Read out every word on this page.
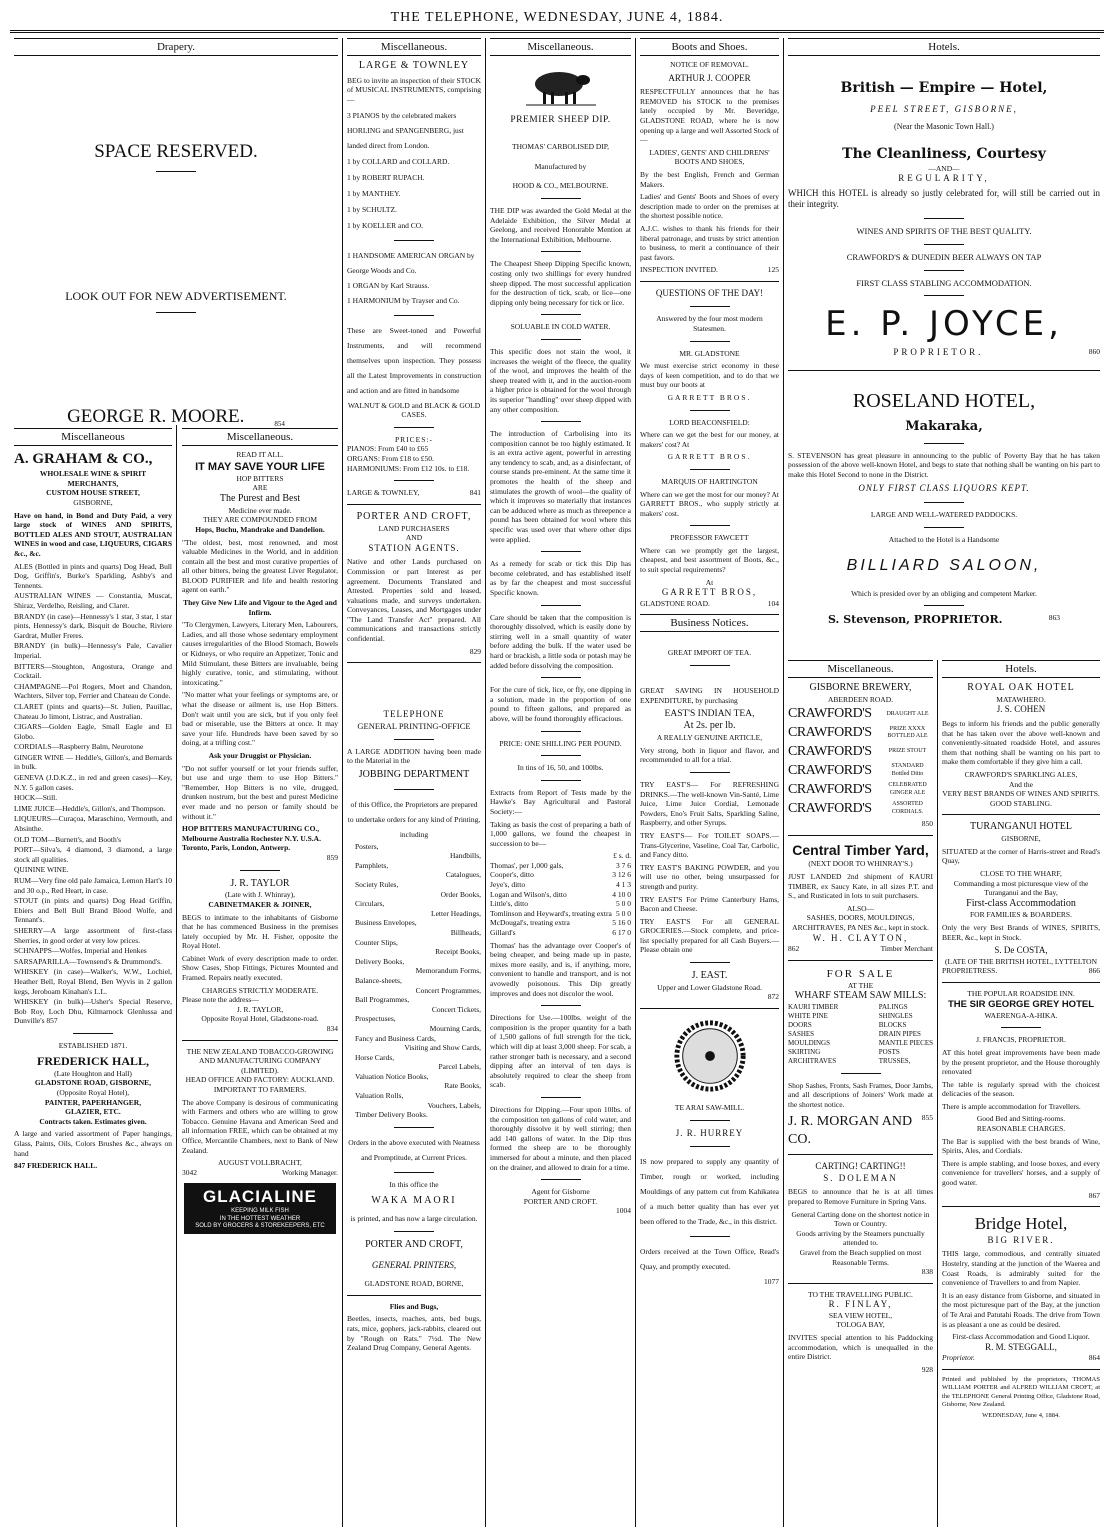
THE TELEPHONE, WEDNESDAY, JUNE 4, 1884.
Drapery.
SPACE RESERVED.
LOOK OUT FOR NEW ADVERTISEMENT.
GEORGE R. MOORE.	854
Miscellaneous
A. GRAHAM & CO.,
WHOLESALE WINE & SPIRIT
MERCHANTS,
CUSTOM HOUSE STREET,
GISBORNE,
Have on hand, in Bond and Duty Paid, a very large stock of WINES AND SPIRITS, BOTTLED ALES AND STOUT, AUSTRALIAN WINES in wood and case, LIQUEURS, CIGARS &c., &c.
ALES (Bottled in pints and quarts) Dog Head, Bull Dog, Griffin's, Burke's Sparkling, Ashby's and Tennents.
AUSTRALIAN WINES — Constantia, Muscat, Shiraz, Verdelho, Reisling, and Claret.
BRANDY (in case)—Hennessy's 1 star, 3 star, 1 star pints, Hennessy's dark, Bisquit de Bouche, Riviere Gardrat, Muller Freres.
BRANDY (in bulk)—Hennessy's Pale, Cavalier Imperial.
BITTERS—Stoughton, Angostura, Orange and Cocktail.
CHAMPAGNE—Pol Rogers, Moet and Chandon, Wachters, Silver top, Ferrier and Chateau de Conde.
CLARET (pints and quarts)—St. Julien, Pauillac, Chateau Jo limont, Listrac, and Australian.
CIGARS—Golden Eagle, Small Eagle and El Globo.
CORDIALS—Raspberry Balm, Neurotone
GINGER WINE — Heddle's, Gillon's, and Bernards in bulk.
GENEVA (J.D.K.Z., in red and green cases)—Key, N.Y. 5 gallon cases.
HOCK—Still.
LIME JUICE—Heddle's, Gillon's, and Thompson.
LIQUEURS—Curaçoa, Maraschino, Vermouth, and Absinthe.
OLD TOM—Burnett's, and Booth's
PORT—Silva's, 4 diamond, 3 diamond, a large stock all qualities.
QUININE WINE.
RUM—Very fine old pale Jamaica, Lemon Hart's 10 and 30 o.p., Red Heart, in case.
STOUT (in pints and quarts) Dog Head Griffin, Ebiers and Bell Bull Brand Blood Wolfe, and Tennant's.
SHERRY—A large assortment of first-class Sherries, in good order at very low prices.
SCHNAPPS—Wolfes, Imperial and Henkes
SARSAPARILLA—Townsend's & Drummond's.
WHISKEY (in case)—Walker's, W.W., Lochiel, Heather Bell, Royal Blend, Ben Wyvis in 2 gallon kegs, Jeroboam Kinahan's L.L.
WHISKEY (in bulk)—Usher's Special Reserve, Bob Roy, Loch Dhu, Kilmarnock Glenlussa and Dunville's 857
ESTABLISHED 1871.
FREDERICK HALL,
(Late Houghton and Hall)
GLADSTONE ROAD, GISBORNE,
(Opposite Royal Hotel),
PAINTER, PAPERHANGER,
GLAZIER, ETC.
Contracts taken. Estimates given.
A large and varied assortment of Paper hangings, Glass, Paints, Oils, Colors Brushes &c., always on hand
847 FREDERICK HALL.
Miscellaneous.
READ IT ALL.
IT MAY SAVE YOUR LIFE
HOP BITTERS
ARE
The Purest and Best
Medicine ever made.
THEY ARE COMPOUNDED FROM
Hops, Buchu, Mandrake and Dandelion.
"The oldest, best, most renowned, and most valuable Medicines in the World, and in addition contain all the best and most curative properties of all other bitters, being the greatest Liver Regulator, BLOOD PURIFIER and life and health restoring agent on earth."
They Give New Life and Vigour to the Aged and Infirm.
"To Clergymen, Lawyers, Literary Men, Labourers, Ladies, and all those whose sedentary employment causes irregularities of the Blood Stomach, Bowels or Kidneys, or who require an Appetizer, Tonic and Mild Stimulant, these Bitters are invaluable, being highly curative, tonic, and stimulating, without intoxicating."
"No matter what your feelings or symptoms are, or what the disease or ailment is, use Hop Bitters. Don't wait until you are sick, but if you only feel bad or miserable, use the Bitters at once. It may save your life. Hundreds have been saved by so doing, at a trifling cost."
Ask your Druggist or Physician.
"Do not suffer yourself or let your friends suffer, but use and urge them to use Hop Bitters." "Remember, Hop Bitters is no vile, drugged, drunken nostrum, but the best and purest Medicine ever made and no person or family should be without it."
HOP BITTERS MANUFACTURING CO., Melbourne Australia Rochester N.Y. U.S.A. Toronto, Paris, London, Antwerp.
859
J. R. TAYLOR
(Late with J. Whinray),
CABINETMAKER & JOINER,
BEGS to intimate to the inhabitants of Gisborne that he has commenced Business in the premises lately occupied by Mr. H. Fisher, opposite the Royal Hotel.
Cabinet Work of every description made to order. Show Cases, Shop Fittings, Pictures Mounted and Framed. Repairs neatly executed.
CHARGES STRICTLY MODERATE.
Please note the address—
J. R. TAYLOR,
Opposite Royal Hotel, Gladstone-road.
834
THE NEW ZEALAND TOBACCO-GROWING AND MANUFACTURING COMPANY (LIMITED).
HEAD OFFICE AND FACTORY: AUCKLAND.
IMPORTANT TO FARMERS.
The above Company is desirous of communicating with Farmers and others who are willing to grow Tobacco. Genuine Havana and American Seed and all information FREE, which can be obtained at my Office, Mercantile Chambers, next to Bank of New Zealand.
AUGUST VOLLBRACHT,
3042	Working Manager.
GLACIALINE
KEEPING MILK FISH
IN THE HOTTEST WEATHER
SOLD BY GROCERS & STOREKEEPERS, ETC
Miscellaneous.
LARGE & TOWNLEY
BEG to invite an inspection of their STOCK of MUSICAL INSTRUMENTS, comprising—
3 PIANOS by the celebrated makers HORLING and SPANGENBERG, just landed direct from London.
1 by COLLARD and COLLARD.
1 by ROBERT RUPACH.
1 by MANTHEY.
1 by SCHULTZ.
1 by KOELLER and CO.
1 HANDSOME AMERICAN ORGAN by George Woods and Co.
1 ORGAN by Karl Strauss.
1 HARMONIUM by Trayser and Co.
These are Sweet-toned and Powerful Instruments, and will recommend themselves upon inspection. They possess all the Latest Improvements in construction and action and are fitted in handsome
WALNUT & GOLD and BLACK & GOLD CASES.
PRICES:-
PIANOS: From £40 to £65
ORGANS: From £18 to £50.
HARMONIUMS: From £12 10s. to £18.
LARGE & TOWNLEY,	841
PORTER AND CROFT,
LAND PURCHASERS
AND
STATION AGENTS.
Native and other Lands purchased on Commission or part Interest as per agreement. Documents Translated and Attested. Properties sold and leased, valuations made, and surveys undertaken. Conveyances, Leases, and Mortgages under "The Land Transfer Act" prepared. All communications and transactions strictly confidential.
829
TELEPHONE
GENERAL PRINTING-OFFICE
A LARGE ADDITION having been made to the Material in the
JOBBING DEPARTMENT
of this Office, the Proprietors are prepared to undertake orders for any kind of Printing, including
Posters,
Handbills,
Pamphlets,
Catalogues,
Society Rules,
Order Books,
Circulars,
Letter Headings,
Business Envelopes,
Billheads,
Counter Slips,
Receipt Books,
Delivery Books,
Memorandum Forms,
Balance-sheets,
Concert Programmes,
Ball Programmes,
Concert Tickets,
Prospectuses,
Mourning Cards,
Fancy and Business Cards,
Visiting and Show Cards,
Horse Cards,
Parcel Labels,
Valuation Notice Books,
Rate Books,
Valuation Rolls,
Vouchers, Labels,
Timber Delivery Books.
Orders in the above executed with Neatness and Promptitude, at Current Prices.
In this office the
WAKA MAORI
is printed, and has now a large circulation.
PORTER AND CROFT,
GENERAL PRINTERS,
GLADSTONE ROAD, BORNE,
Flies and Bugs,
Beetles, insects, roaches, ants, bed bugs, rats, mice, gophers, jack-rabbits, cleared out by "Rough on Rats." 7½d. The New Zealand Drug Company, General Agents.
Miscellaneous.
PREMIER SHEEP DIP.
THOMAS' CARBOLISED DIP,
Manufactured by
HOOD & CO., MELBOURNE.
THE DIP was awarded the Gold Medal at the Adelaide Exhibition, the Silver Medal at Geelong, and received Honorable Mention at the International Exhibition, Melbourne.
The Cheapest Sheep Dipping Specific known, costing only two shillings for every hundred sheep dipped. The most successful application for the destruction of tick, scab, or lice—one dipping only being necessary for tick or lice.
SOLUABLE IN COLD WATER.
This specific does not stain the wool, it increases the weight of the fleece, the quality of the wool, and improves the health of the sheep treated with it, and in the auction-room a higher price is obtained for the wool through its superior "handling" over sheep dipped with any other composition.
The introduction of Carbolising into its composition cannot be too highly estimated. It is an extra active agent, powerful in arresting any tendency to scab, and, as a disinfectant, of course stands pre-eminent. At the same time it promotes the health of the sheep and stimulates the growth of wool—the quality of which it improves so materially that instances can be adduced where as much as threepence a pound has been obtained for wool where this specific was used over that where other dips were applied.
As a remedy for scab or tick this Dip has become celebrated, and has established itself as by far the cheapest and most successful Specific known.
Care should be taken that the composition is thoroughly dissolved, which is easily done by stirring well in a small quantity of water before adding the bulk. If the water used be hard or brackish, a little soda or potash may be added before dissolving the composition.
For the cure of tick, lice, or fly, one dipping in a solution, made in the proportion of one pound to fifteen gallons, and prepared as above, will be found thoroughly efficacious.
PRICE: ONE SHILLING PER POUND.
In tins of 16, 50, and 100lbs.
Extracts from Report of Tests made by the Hawke's Bay Agricultural and Pastoral Society:—
Taking as basis the cost of preparing a bath of 1,000 gallons, we found the cheapest in succession to be—
£ s. d.
Thomas', per 1,000 gals,	3 7 6
Cooper's, ditto	3 12 6
Jeye's, ditto	4 1 3
Logan and Wilson's, ditto	4 10 0
Little's, ditto	5 0 0
Tomlinson and Heyward's, treating extra 5 0 0
McDougal's, treating extra	5 16 0
Gillard's	6 17 0
Thomas' has the advantage over Cooper's of being cheaper, and being made up in paste, mixes more easily, and is, if anything, more, convenient to handle and transport, and is not avowedly poisonous. This Dip greatly improves and does not discolor the wool.
Directions for Use.—100lbs. weight of the composition is the proper quantity for a bath of 1,500 gallons of full strength for the tick, which will dip at least 3,000 sheep. For scab, a rather stronger bath is necessary, and a second dipping after an interval of ten days is absolutely required to clear the sheep from scab.
Directions for Dipping.—Four upon 10lbs. of the composition ten gallons of cold water, and thoroughly dissolve it by well stirring; then add 140 gallons of water. In the Dip thus formed the sheep are to be thoroughly immersed for about a minute, and then placed on the drainer, and allowed to drain for a time.
Agent for Gisborne
PORTER AND CROFT.
1004
Boots and Shoes.
NOTICE OF REMOVAL.
ARTHUR J. COOPER
RESPECTFULLY announces that he has REMOVED his STOCK to the premises lately occupied by Mr. Beveridge, GLADSTONE ROAD, where he is now opening up a large and well Assorted Stock of—
LADIES', GENTS' AND CHILDRENS' BOOTS AND SHOES,
By the best English, French and German Makers.
Ladies' and Gents' Boots and Shoes of every description made to order on the premises at the shortest possible notice.
A.J.C. wishes to thank his friends for their liberal patronage, and trusts by strict attention to business, to merit a continuance of their past favors.
INSPECTION INVITED.	125
QUESTIONS OF THE DAY!
Answered by the four most modern Statesmen.
MR. GLADSTONE
We must exercise strict economy in these days of keen competition, and to do that we must buy our boots at
GARRETT BROS.
LORD BEACONSFIELD:
Where can we get the best for our money, at makers' cost? At
GARRETT BROS.
MARQUIS OF HARTINGTON
Where can we get the most for our money? At GARRETT BROS., who supply strictly at makers' cost.
PROFESSOR FAWCETT
Where can we promptly get the largest, cheapest, and best assortment of Boots, &c., to suit special requirements?
At
GARRETT BROS,
GLADSTONE ROAD.	104
Business Notices.
GREAT IMPORT OF TEA.
GREAT SAVING IN HOUSEHOLD EXPENDITURE, by purchasing
EAST'S INDIAN TEA,
At 2s. per lb.
A REALLY GENUINE ARTICLE,
Very strong, both in liquor and flavor, and recommended to all for a trial.
TRY EAST'S— For REFRESHING DRINKS.—The well-known Vin-Santé, Lime Juice, Lime Juice Cordial, Lemonade Powders, Eno's Fruit Salts, Sparkling Saline, Raspberry, and other Syrups.
TRY EAST'S— For TOILET SOAPS.—Trans-Glycerine, Vaseline, Coal Tar, Carbolic, and Fancy ditto.
TRY EAST'S BAKING POWDER, and you will use no other, being unsurpassed for strength and purity.
TRY EAST'S For Prime Canterbury Hams, Bacon and Cheese.
TRY EAST'S For all GENERAL GROCERIES.—Stock complete, and price-list specially prepared for all Cash Buyers.—Please obtain one
J. EAST.
Upper and Lower Gladstone Road.
872
TE ARAI SAW-MILL.
J. R. HURREY
IS now prepared to supply any quantity of Timber, rough or worked, including Mouldings of any pattern cut from Kahikatea of a much better quality than has ever yet been offered to the Trade, &c., in this district.
Orders received at the Town Office, Read's Quay, and promptly executed.
1077
Hotels.
British — Empire — Hotel,
PEEL STREET, GISBORNE,
(Near the Masonic Town Hall.)
The Cleanliness, Courtesy
—AND—
REGULARITY,
WHICH this HOTEL is already so justly celebrated for, will still be carried out in their integrity.
WINES AND SPIRITS OF THE BEST QUALITY.
CRAWFORD'S & DUNEDIN BEER ALWAYS ON TAP
FIRST CLASS STABLING ACCOMMODATION.
E. P. JOYCE,
PROPRIETOR.	860
ROSELAND HOTEL,
Makaraka,
S. STEVENSON has great pleasure in announcing to the public of Poverty Bay that he has taken possession of the above well-known Hotel, and begs to state that nothing shall be wanting on his part to make this Hotel Second to none in the District.
ONLY FIRST CLASS LIQUORS KEPT.
LARGE AND WELL-WATERED PADDOCKS.
Attached to the Hotel is a Handsome
BILLIARD SALOON,
Which is presided over by an obliging and competent Marker.
S. Stevenson, PROPRIETOR.	863
Miscellaneous.
GISBORNE BREWERY,
ABERDEEN ROAD.
CRAWFORD'S	DRAUGHT ALE
CRAWFORD'S	PRIZE XXXX BOTTLED ALE
CRAWFORD'S	PRIZE STOUT
CRAWFORD'S	STANDARD Bottled Ditto
CRAWFORD'S	CELEBRATED GINGER ALE
CRAWFORD'S	ASSORTED CORDIALS.
850
Central Timber Yard,
(NEXT DOOR TO WHINRAY'S.)
JUST LANDED 2nd shipment of KAURI TIMBER, ex Saucy Kate, in all sizes P.T. and S., and Rusticated in lots to suit purchasers.
ALSO—
SASHES, DOORS, MOULDINGS, ARCHITRAVES, PA NES &c., kept in stock.
W. H. CLAYTON,
862	Timber Merchant
FOR SALE
AT THE
WHARF STEAM SAW MILLS:
KAURI TIMBER
WHITE PINE
DOORS
SASHES
MOULDINGS
SKIRTING
ARCHITRAVES
PALINGS
SHINGLES
BLOCKS
DRAIN PIPES
MANTLE PIECES
POSTS
TRUSSES,
Shop Sashes, Fronts, Sash Frames, Door Jambs, and all descriptions of Joiners' Work made at the shortest notice.
J. R. MORGAN AND CO.
855
CARTING! CARTING!!
S. DOLEMAN
BEGS to announce that he is at all times prepared to Remove Furniture in Spring Vans.
General Carting done on the shortest notice in Town or Country.
Goods arriving by the Steamers punctually attended to.
Gravel from the Beach supplied on most Reasonable Terms.
838
TO THE TRAVELLING PUBLIC.
R. FINLAY,
SEA VIEW HOTEL,
TOLOGA BAY,
INVITES special attention to his Paddocking accommodation, which is unequalled in the entire District.
928
Hotels.
ROYAL OAK HOTEL
MATAWHERO.
J. S. COHEN
Begs to inform his friends and the public generally that he has taken over the above well-known and conveniently-situated roadside Hotel, and assures them that nothing shall be wanting on his part to make them comfortable if they give him a call.
CRAWFORD'S SPARKLING ALES,
And the
VERY BEST BRANDS OF WINES AND SPIRITS.
GOOD STABLING.
TURANGANUI HOTEL
GISBORNE,
SITUATED at the corner of Harris-street and Read's Quay,
CLOSE TO THE WHARF,
Commanding a most picturesque view of the Turanganui and the Bay,
First-class Accommodation
FOR FAMILIES & BOARDERS.
Only the very Best Brands of WINES, SPIRITS, BEER, &c., kept in Stock.
S. De COSTA,
(LATE OF THE BRITISH HOTEL, LYTTELTON
PROPRIETRESS.	866
THE POPULAR ROADSIDE INN.
THE SIR GEORGE GREY HOTEL
WAERENGA-A-HIKA.
J. FRANCIS, PROPRIETOR.
AT this hotel great improvements have been made by the present proprietor, and the House thoroughly renovated
The table is regularly spread with the choicest delicacies of the season.
There is ample accommodation for Travellers.
Good Bed and Sitting-rooms.
REASONABLE CHARGES.
The Bar is supplied with the best brands of Wine, Spirits, Ales, and Cordials.
There is ample stabling, and loose boxes, and every convenience for travellers' horses, and a supply of good water.
867
Bridge Hotel,
BIG RIVER.
THIS large, commodious, and centrally situated Hostelry, standing at the junction of the Waerea and Coast Roads, is admirably suited for the convenience of Travellers to and from Napier.
It is an easy distance from Gisborne, and situated in the most picturesque part of the Bay, at the junction of Te Arai and Patutahi Roads. The drive from Town is as pleasant a one as could be desired.
First-class Accommodation and Good Liquor.
R. M. STEGGALL,
Proprietor.	864
Printed and published by the proprietors, THOMAS WILLIAM PORTER and ALFRED WILLIAM CROFT, at the TELEPHONE General Printing Office, Gladstone Road, Gisborne, New Zealand.
WEDNESDAY, June 4, 1884.
